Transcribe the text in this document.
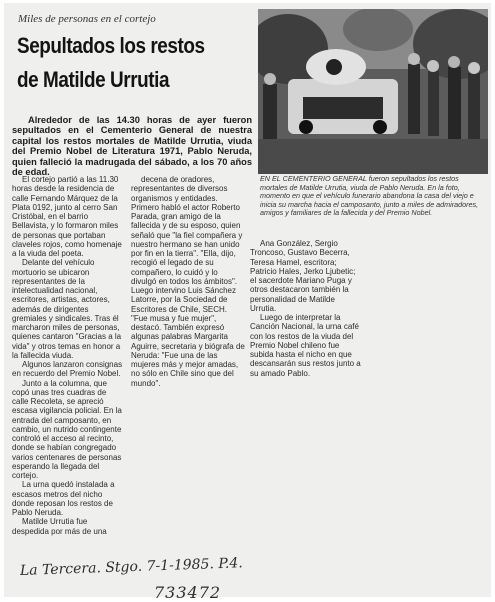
Miles de personas en el cortejo
Sepultados los restos
de Matilde Urrutia
Alrededor de las 14.30 horas de ayer fueron sepultados en el Cementerio General de nuestra capital los restos mortales de Matilde Urrutia, viuda del Premio Nobel de Literatura 1971, Pablo Neruda, quien falleció la madrugada del sábado, a los 70 años de edad.

El cortejo partió a las 11.30 horas desde la residencia de calle Fernando Márquez de la Plata 0192, junto al cerro San Cristóbal, en el barrio Bellavista, y lo formaron miles de personas que portaban claveles rojos, como homenaje a la viuda del poeta.

Delante del vehículo mortuorio se ubicaron representantes de la intelectualidad nacional, escritores, artistas, actores, además de dirigentes gremiales y sindicales. Tras él marcharon miles de personas, quienes cantaron "Gracias a la vida" y otros temas en honor a la fallecida viuda.

Algunos lanzaron consignas en recuerdo del Premio Nobel.

Junto a la columna, que copó unas tres cuadras de calle Recoleta, se apreció escasa vigilancia policial. En la entrada del camposanto, en cambio, un nutrido contingente controló el acceso al recinto, donde se habían congregado varios centenares de personas esperando la llegada del cortejo.

La urna quedó instalada a escasos metros del nicho donde reposan los restos de Pablo Neruda.

Matilde Urrutia fue despedida por más de una

decena de oradores, representantes de diversos organismos y entidades. Primero habló el actor Roberto Parada, gran amigo de la fallecida y de su esposo, quien señaló que "la fiel compañera y nuestro hermano se han unido por fin en la tierra". "Ella, dijo, recogió el legado de su compañero, lo cuidó y lo divulgó en todos los ámbitos". Luego intervino Luis Sánchez Latorre, por la Sociedad de Escritores de Chile, SECH. "Fue musa y fue mujer", destacó. También expresó algunas palabras Margarita Aguirre, secretaria y biógrafa de Neruda: "Fue una de las mujeres más y mejor amadas, no sólo en Chile sino que del mundo".

EN EL CEMENTERIO GENERAL fueron sepultados los restos mortales de Matilde Urrutia, viuda de Pablo Neruda. En la foto, momento en que el vehículo funerario abandona la casa del viejo e inicia su marcha hacia el camposanto, junto a miles de admiradores, amigos y familiares de la fallecida y del Premio Nobel.

Ana González, Sergio Troncoso, Gustavo Becerra, Teresa Hamel, escritora; Patricio Hales, Jerko Ljubetic; el sacerdote Mariano Puga y otros destacaron también la personalidad de Matilde Urrutia.

Luego de interpretar la Canción Nacional, la urna café con los restos de la viuda del Premio Nobel chileno fue subida hasta el nicho en que descansarán sus restos junto a su amado Pablo.

La Tercera. Stgo. 7-1-1985. P.4.
733472
